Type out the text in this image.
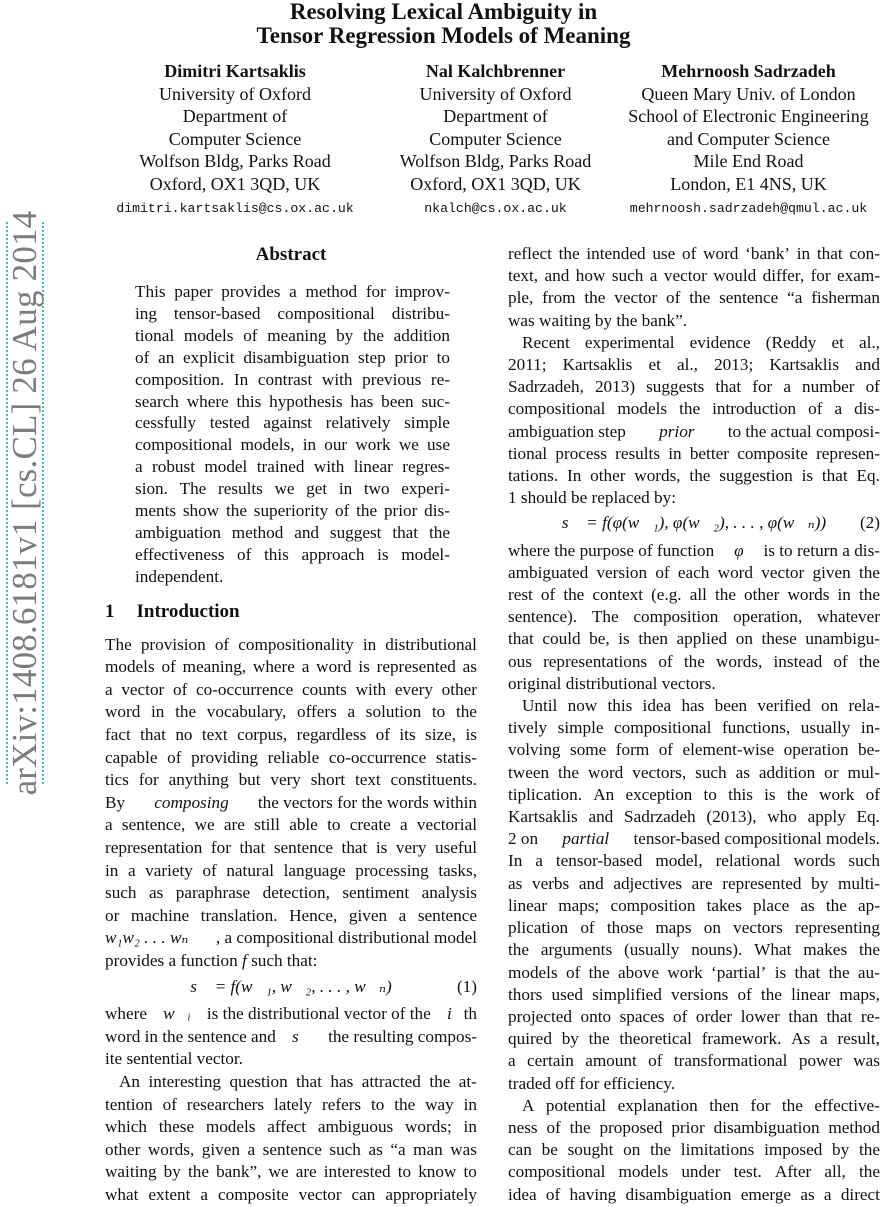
Resolving Lexical Ambiguity in
Tensor Regression Models of Meaning
Dimitri Kartsaklis
University of Oxford
Department of
Computer Science
Wolfson Bldg, Parks Road
Oxford, OX1 3QD, UK
dimitri.kartsaklis@cs.ox.ac.uk
Nal Kalchbrenner
University of Oxford
Department of
Computer Science
Wolfson Bldg, Parks Road
Oxford, OX1 3QD, UK
nkalch@cs.ox.ac.uk
Mehrnoosh Sadrzadeh
Queen Mary Univ. of London
School of Electronic Engineering
and Computer Science
Mile End Road
London, E1 4NS, UK
mehrnoosh.sadrzadeh@qmul.ac.uk
arXiv:1408.6181v1 [cs.CL] 26 Aug 2014	Abstract
This paper provides a method for improv-
ing tensor-based compositional distribu-
tional models of meaning by the addition
of an explicit disambiguation step prior to
composition. In contrast with previous re-
search where this hypothesis has been suc-
cessfully tested against relatively simple
compositional models, in our work we use
a robust model trained with linear regres-
sion. The results we get in two experi-
ments show the superiority of the prior dis-
ambiguation method and suggest that the
effectiveness of this approach is model-
independent.
1 Introduction
The provision of compositionality in distributional
models of meaning, where a word is represented as
a vector of co-occurrence counts with every other
word in the vocabulary, offers a solution to the
fact that no text corpus, regardless of its size, is
capable of providing reliable co-occurrence statis-
tics for anything but very short text constituents.
By composing the vectors for the words within
a sentence, we are still able to create a vectorial
representation for that sentence that is very useful
in a variety of natural language processing tasks,
such as paraphrase detection, sentiment analysis
or machine translation. Hence, given a sentence
w₁w₂ . . . wₙ , a compositional distributional model
provides a function f such that:
s⃗ = f(w⃗₁, w⃗₂, . . . , w⃗ₙ)	(1)
where w⃗ᵢ is the distributional vector of the i th
word in the sentence and s⃗ the resulting compos-
ite sentential vector.
An interesting question that has attracted the at-
tention of researchers lately refers to the way in
which these models affect ambiguous words; in
other words, given a sentence such as “a man was
waiting by the bank”, we are interested to know to
what extent a composite vector can appropriately
reflect the intended use of word ‘bank’ in that con-
text, and how such a vector would differ, for exam-
ple, from the vector of the sentence “a fisherman
was waiting by the bank”.
Recent experimental evidence (Reddy et al.,
2011; Kartsaklis et al., 2013; Kartsaklis and
Sadrzadeh, 2013) suggests that for a number of
compositional models the introduction of a dis-
ambiguation step prior to the actual composi-
tional process results in better composite represen-
tations. In other words, the suggestion is that Eq.
1 should be replaced by:
s⃗ = f(φ(w⃗₁), φ(w⃗₂), . . . , φ(w⃗ₙ)) (2)
where the purpose of function φ is to return a dis-
ambiguated version of each word vector given the
rest of the context (e.g. all the other words in the
sentence). The composition operation, whatever
that could be, is then applied on these unambigu-
ous representations of the words, instead of the
original distributional vectors.
Until now this idea has been verified on rela-
tively simple compositional functions, usually in-
volving some form of element-wise operation be-
tween the word vectors, such as addition or mul-
tiplication. An exception to this is the work of
Kartsaklis and Sadrzadeh (2013), who apply Eq.
2 on partial tensor-based compositional models.
In a tensor-based model, relational words such
as verbs and adjectives are represented by multi-
linear maps; composition takes place as the ap-
plication of those maps on vectors representing
the arguments (usually nouns). What makes the
models of the above work ‘partial’ is that the au-
thors used simplified versions of the linear maps,
projected onto spaces of order lower than that re-
quired by the theoretical framework. As a result,
a certain amount of transformational power was
traded off for efficiency.
A potential explanation then for the effective-
ness of the proposed prior disambiguation method
can be sought on the limitations imposed by the
compositional models under test. After all, the
idea of having disambiguation emerge as a direct
